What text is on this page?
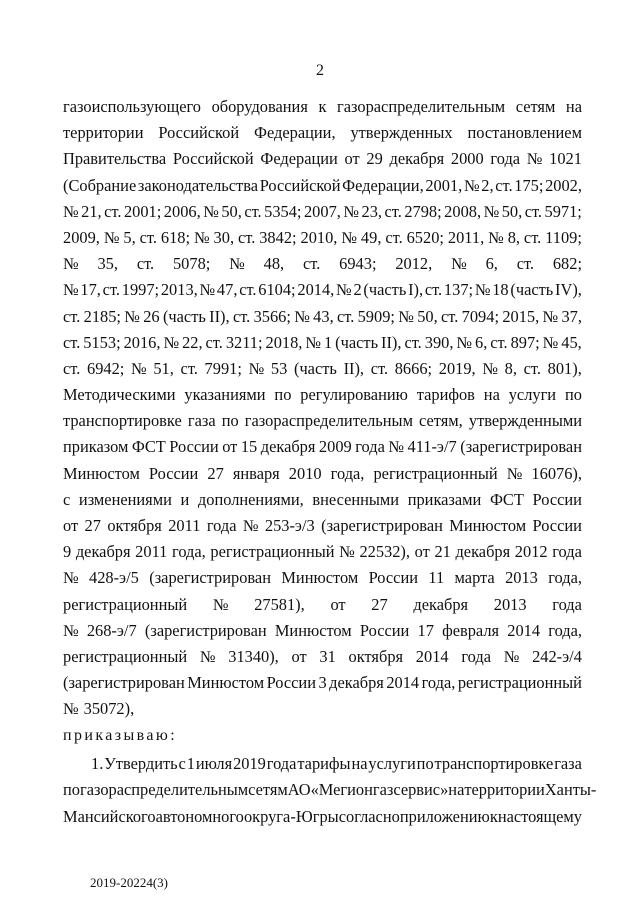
2
газоиспользующего оборудования к газораспределительным сетям на
территории Российской Федерации, утвержденных постановлением
Правительства Российской Федерации от 29 декабря 2000 года № 1021
(Собрание законодательства Российской Федерации, 2001, № 2, ст. 175; 2002,
№ 21, ст. 2001; 2006, № 50, ст. 5354; 2007, № 23, ст. 2798; 2008, № 50, ст. 5971;
2009, № 5, ст. 618; № 30, ст. 3842; 2010, № 49, ст. 6520; 2011, № 8, ст. 1109;
№ 35, ст. 5078; № 48, ст. 6943; 2012, № 6, ст. 682;
№ 17, ст. 1997; 2013, № 47, ст. 6104; 2014, № 2 (часть I), ст. 137; № 18 (часть IV),
ст. 2185; № 26 (часть II), ст. 3566; № 43, ст. 5909; № 50, ст. 7094; 2015, № 37,
ст. 5153; 2016, № 22, ст. 3211; 2018, № 1 (часть II), ст. 390, № 6, ст. 897; № 45,
ст. 6942; № 51, ст. 7991; № 53 (часть II), ст. 8666; 2019, № 8, ст. 801),
Методическими указаниями по регулированию тарифов на услуги по
транспортировке газа по газораспределительным сетям, утвержденными
приказом ФСТ России от 15 декабря 2009 года № 411-э/7 (зарегистрирован
Минюстом России 27 января 2010 года, регистрационный № 16076),
с изменениями и дополнениями, внесенными приказами ФСТ России
от 27 октября 2011 года № 253-э/3 (зарегистрирован Минюстом России
9 декабря 2011 года, регистрационный № 22532), от 21 декабря 2012 года
№ 428-э/5 (зарегистрирован Минюстом России 11 марта 2013 года,
регистрационный № 27581), от 27 декабря 2013 года
№ 268-э/7 (зарегистрирован Минюстом России 17 февраля 2014 года,
регистрационный № 31340), от 31 октября 2014 года № 242-э/4
(зарегистрирован Минюстом России 3 декабря 2014 года, регистрационный
№ 35072),
приказываю:
1. Утвердить с 1 июля 2019 года тарифы на услуги по транспортировке газа
по газораспределительным сетям АО «Мегионгазсервис» на территории Ханты-
Мансийского автономного округа - Югры согласно приложению к настоящему
2019-20224(3)
